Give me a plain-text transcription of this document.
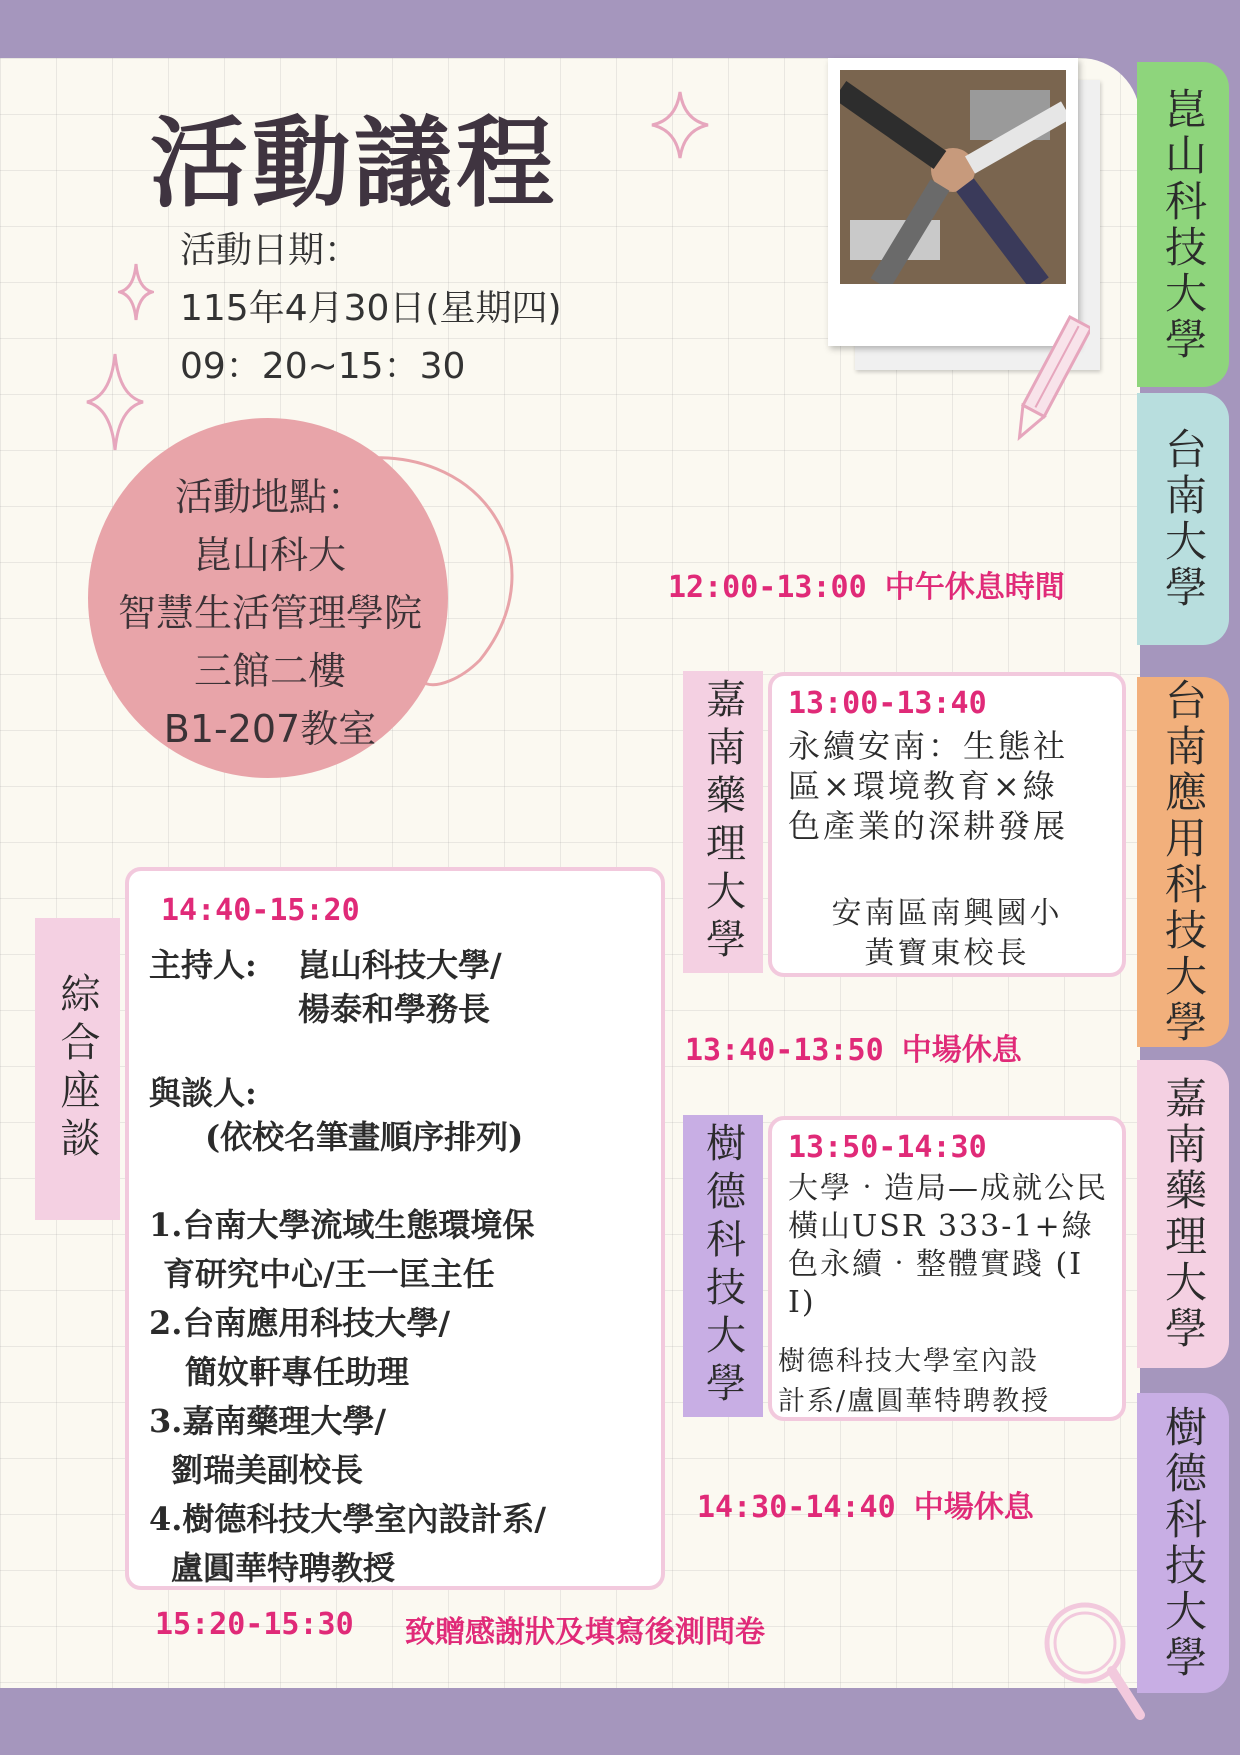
活動議程
活動日期：
115年4月30日(星期四)
09：20~15：30
活動地點：
崑山科大
智慧生活管理學院
三館二樓
B1-207教室
崑山科技大學
台南大學
台南應用科技大學
嘉南藥理大學
樹德科技大學
12:00-13:00 中午休息時間
嘉南藥理大學 13:00-13:40
永續安南：生態社區×環境教育×綠色產業的深耕發展
安南區南興國小
黃寶東校長
13:40-13:50 中場休息
樹德科技大學 13:50-14:30
大學‧造局—成就公民橫山USR 333-1+綠色永續‧整體實踐 (II)
樹德科技大學室內設
計系/盧圓華特聘教授
14:30-14:40 中場休息
綜合座談
14:40-15:20
主持人: 崑山科技大學/
楊泰和學務長
與談人:
(依校名筆畫順序排列)
1.台南大學流域生態環境保
育研究中心/王一匡主任
2.台南應用科技大學/
簡妏軒專任助理
3.嘉南藥理大學/
劉瑞美副校長
4.樹德科技大學室內設計系/
盧圓華特聘教授
15:20-15:30 致贈感謝狀及填寫後測問卷
